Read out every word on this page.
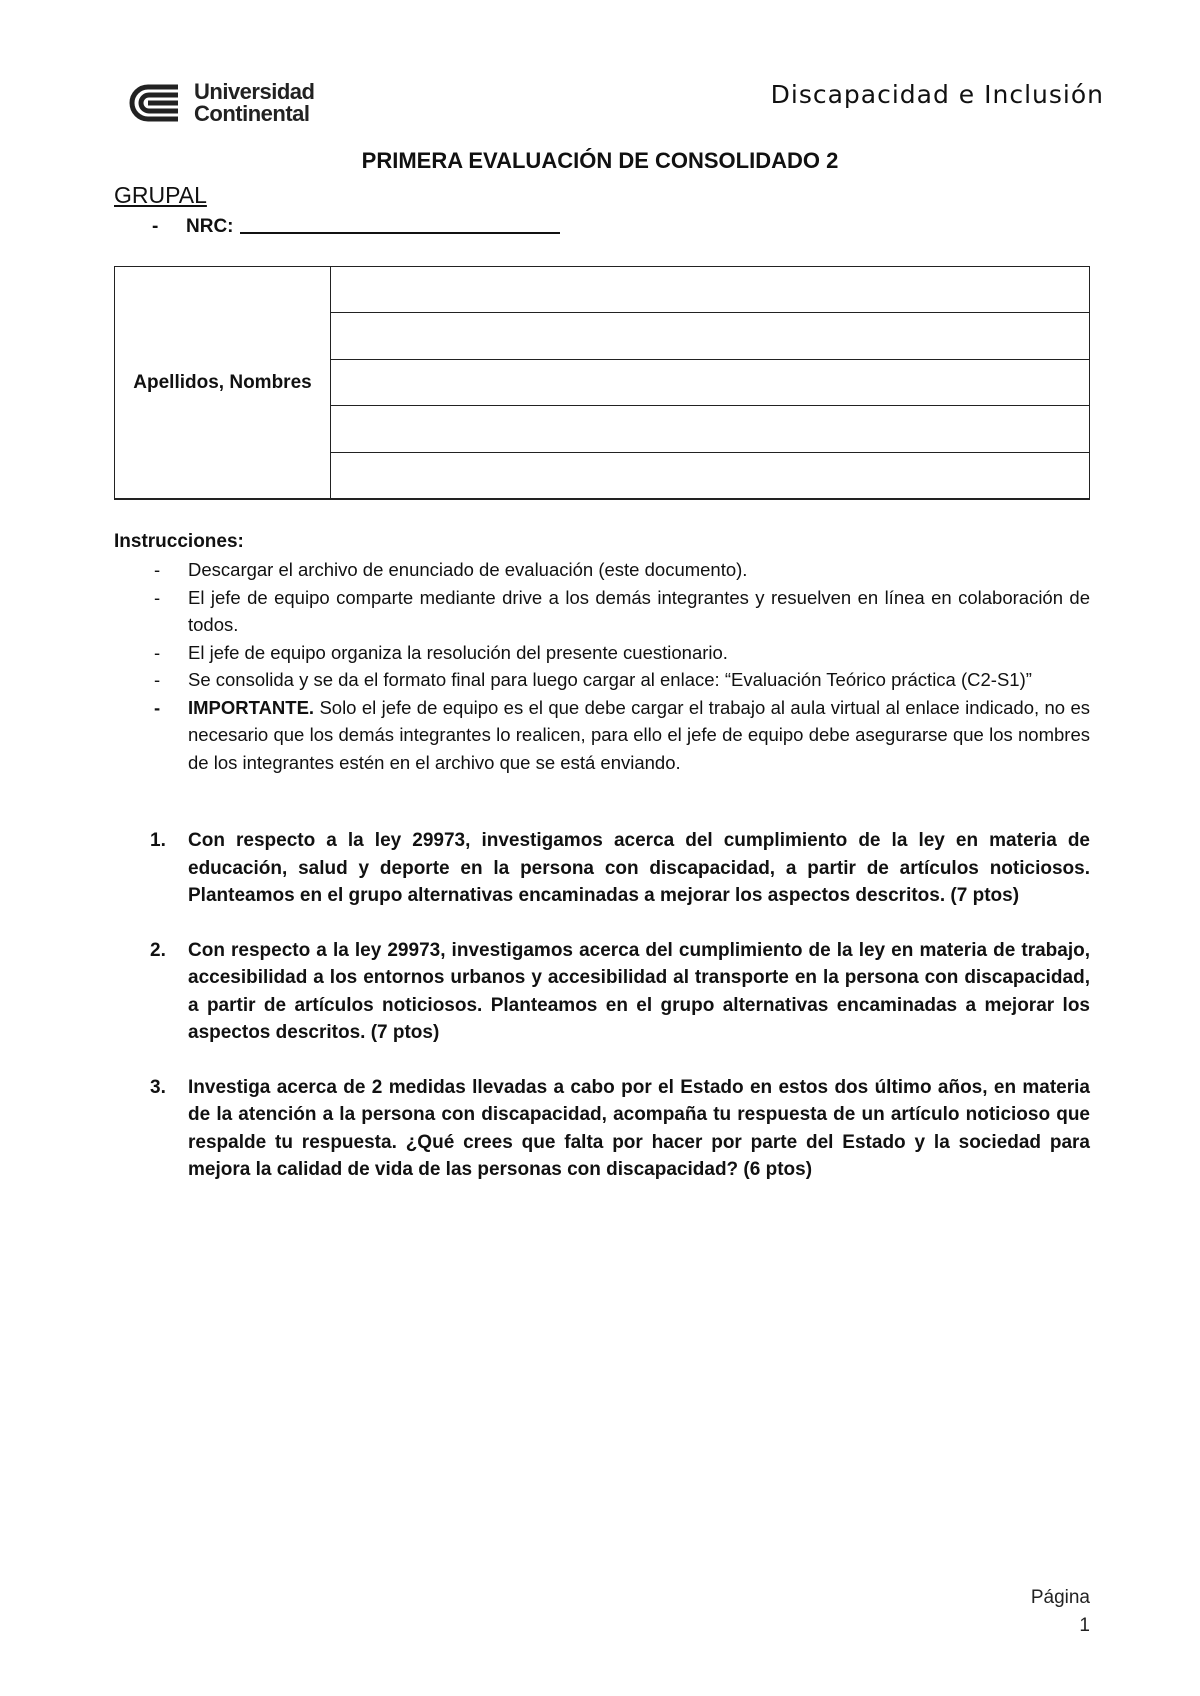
Universidad
Continental
Discapacidad e Inclusión
PRIMERA EVALUACIÓN DE CONSOLIDADO 2
GRUPAL
-	NRC:
Apellidos, Nombres
Instrucciones:
- Descargar el archivo de enunciado de evaluación (este documento).
- El jefe de equipo comparte mediante drive a los demás integrantes y resuelven en línea en colaboración de todos.
- El jefe de equipo organiza la resolución del presente cuestionario.
- Se consolida y se da el formato final para luego cargar al enlace: “Evaluación Teórico práctica (C2-S1)”
- IMPORTANTE. Solo el jefe de equipo es el que debe cargar el trabajo al aula virtual al enlace indicado, no es necesario que los demás integrantes lo realicen, para ello el jefe de equipo debe asegurarse que los nombres de los integrantes estén en el archivo que se está enviando.
1. Con respecto a la ley 29973, investigamos acerca del cumplimiento de la ley en materia de educación, salud y deporte en la persona con discapacidad, a partir de artículos noticiosos. Planteamos en el grupo alternativas encaminadas a mejorar los aspectos descritos. (7 ptos)
2. Con respecto a la ley 29973, investigamos acerca del cumplimiento de la ley en materia de trabajo, accesibilidad a los entornos urbanos y accesibilidad al transporte en la persona con discapacidad, a partir de artículos noticiosos. Planteamos en el grupo alternativas encaminadas a mejorar los aspectos descritos. (7 ptos)
3. Investiga acerca de 2 medidas llevadas a cabo por el Estado en estos dos último años, en materia de la atención a la persona con discapacidad, acompaña tu respuesta de un artículo noticioso que respalde tu respuesta. ¿Qué crees que falta por hacer por parte del Estado y la sociedad para mejora la calidad de vida de las personas con discapacidad? (6 ptos)
Página
1
